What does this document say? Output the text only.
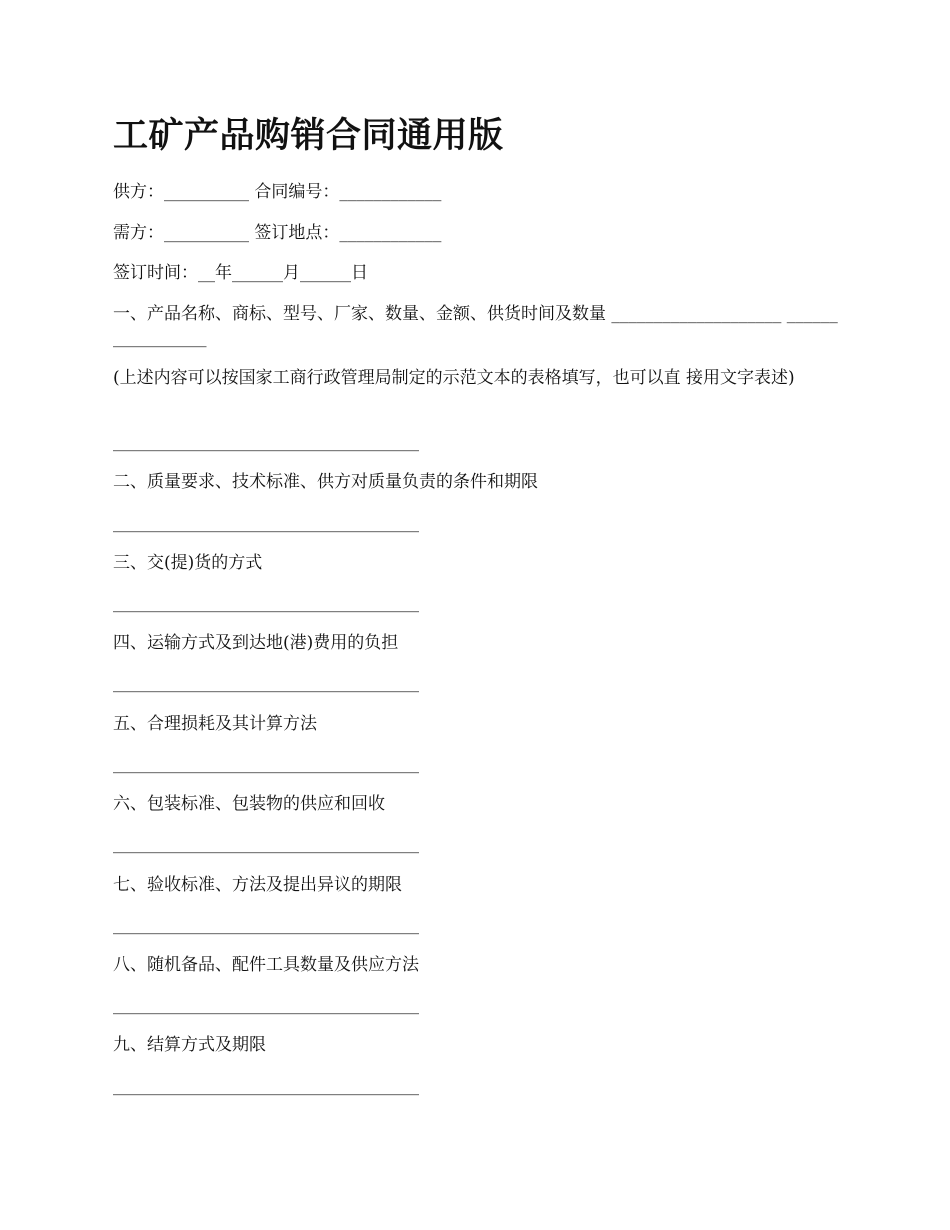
工矿产品购销合同通用版
供方：__________ 合同编号：____________
需方：__________ 签订地点：____________
签订时间：__年______月______日
一、产品名称、商标、型号、厂家、数量、金额、供货时间及数量 ____________________ _________________
(上述内容可以按国家工商行政管理局制定的示范文本的表格填写，也可以直 接用文字表述)
____________________________________
二、质量要求、技术标准、供方对质量负责的条件和期限
____________________________________
三、交(提)货的方式
____________________________________
四、运输方式及到达地(港)费用的负担
____________________________________
五、合理损耗及其计算方法
____________________________________
六、包装标准、包装物的供应和回收
____________________________________
七、验收标准、方法及提出异议的期限
____________________________________
八、随机备品、配件工具数量及供应方法
____________________________________
九、结算方式及期限
____________________________________
